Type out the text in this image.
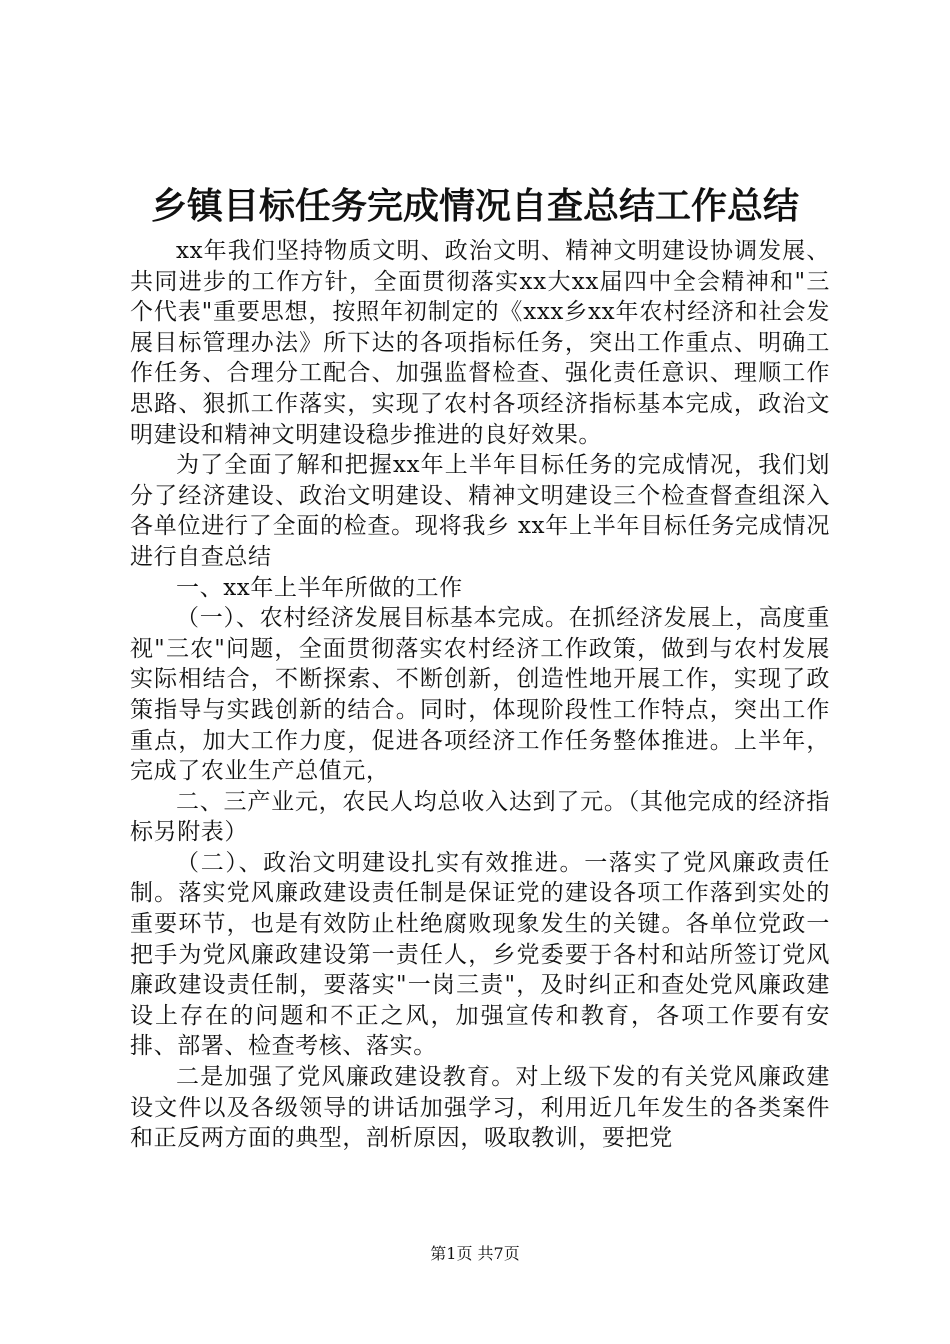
乡镇目标任务完成情况自查总结工作总结

xx年我们坚持物质文明、政治文明、精神文明建设协调发展、共同进步的工作方针，全面贯彻落实xx大xx届四中全会精神和"三个代表"重要思想，按照年初制定的《xxx乡xx年农村经济和社会发展目标管理办法》所下达的各项指标任务，突出工作重点、明确工作任务、合理分工配合、加强监督检查、强化责任意识、理顺工作思路、狠抓工作落实，实现了农村各项经济指标基本完成，政治文明建设和精神文明建设稳步推进的良好效果。

为了全面了解和把握xx年上半年目标任务的完成情况，我们划分了经济建设、政治文明建设、精神文明建设三个检查督查组深入各单位进行了全面的检查。现将我乡 xx年上半年目标任务完成情况进行自查总结

一、xx年上半年所做的工作

（一）、农村经济发展目标基本完成。在抓经济发展上，高度重视"三农"问题，全面贯彻落实农村经济工作政策，做到与农村发展实际相结合，不断探索、不断创新，创造性地开展工作，实现了政策指导与实践创新的结合。同时，体现阶段性工作特点，突出工作重点，加大工作力度，促进各项经济工作任务整体推进。上半年，完成了农业生产总值元，

二、三产业元，农民人均总收入达到了元。（其他完成的经济指标另附表）

（二）、政治文明建设扎实有效推进。一落实了党风廉政责任制。落实党风廉政建设责任制是保证党的建设各项工作落到实处的重要环节，也是有效防止杜绝腐败现象发生的关键。各单位党政一把手为党风廉政建设第一责任人，乡党委要于各村和站所签订党风廉政建设责任制，要落实"一岗三责"，及时纠正和查处党风廉政建设上存在的问题和不正之风，加强宣传和教育，各项工作要有安排、部署、检查考核、落实。

二是加强了党风廉政建设教育。对上级下发的有关党风廉政建设文件以及各级领导的讲话加强学习，利用近几年发生的各类案件和正反两方面的典型，剖析原因，吸取教训，要把党

第1页 共7页
